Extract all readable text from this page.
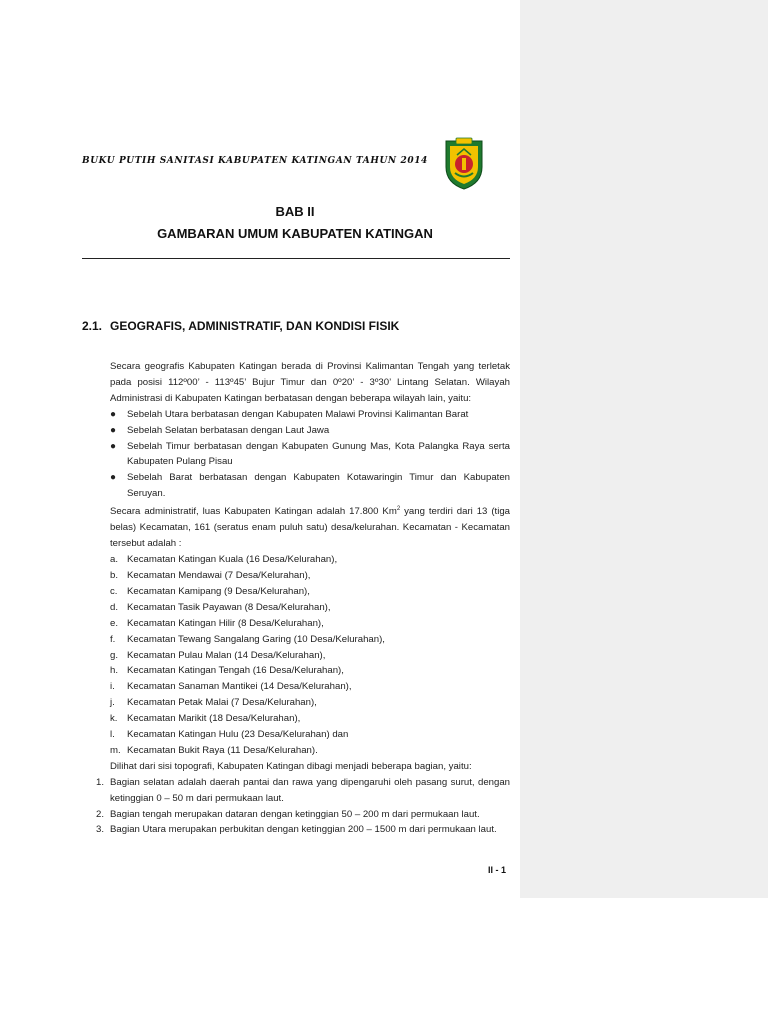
BUKU PUTIH SANITASI KABUPATEN KATINGAN TAHUN 2014
BAB II
GAMBARAN UMUM KABUPATEN KATINGAN
2.1. GEOGRAFIS, ADMINISTRATIF, DAN KONDISI FISIK

Secara geografis Kabupaten Katingan berada di Provinsi Kalimantan Tengah yang terletak pada posisi 112º00’ - 113º45’ Bujur Timur dan 0º20’ - 3º30’ Lintang Selatan. Wilayah Administrasi di Kabupaten Katingan berbatasan dengan beberapa wilayah lain, yaitu:

●	Sebelah Utara berbatasan dengan Kabupaten Malawi Provinsi Kalimantan Barat
●	Sebelah Selatan berbatasan dengan Laut Jawa
●	Sebelah Timur berbatasan dengan Kabupaten Gunung Mas, Kota Palangka Raya serta Kabupaten Pulang Pisau
●	Sebelah Barat berbatasan dengan Kabupaten Kotawaringin Timur dan Kabupaten Seruyan.

Secara administratif, luas Kabupaten Katingan adalah 17.800 Km$^2$ yang terdiri dari 13 (tiga belas) Kecamatan, 161 (seratus enam puluh satu) desa/kelurahan. Kecamatan - Kecamatan tersebut adalah :

a. Kecamatan Katingan Kuala (16 Desa/Kelurahan),
b. Kecamatan Mendawai (7 Desa/Kelurahan),
c. Kecamatan Kamipang (9 Desa/Kelurahan),
d. Kecamatan Tasik Payawan (8 Desa/Kelurahan),
e. Kecamatan Katingan Hilir (8 Desa/Kelurahan),
f.	Kecamatan Tewang Sangalang Garing (10 Desa/Kelurahan),
g. Kecamatan Pulau Malan (14 Desa/Kelurahan),
h. Kecamatan Katingan Tengah (16 Desa/Kelurahan),
i.	Kecamatan Sanaman Mantikei (14 Desa/Kelurahan),
j.	Kecamatan Petak Malai (7 Desa/Kelurahan),
k. Kecamatan Marikit (18 Desa/Kelurahan),
l.	Kecamatan Katingan Hulu (23 Desa/Kelurahan) dan
m. Kecamatan Bukit Raya (11 Desa/Kelurahan).

Dilihat dari sisi topografi, Kabupaten Katingan dibagi menjadi beberapa bagian, yaitu:

1. Bagian selatan adalah daerah pantai dan rawa yang dipengaruhi oleh pasang surut, dengan ketinggian 0 – 50 m dari permukaan laut.
2. Bagian tengah merupakan dataran dengan ketinggian 50 – 200 m dari permukaan laut.
3. Bagian Utara merupakan perbukitan dengan ketinggian 200 – 1500 m dari permukaan laut.
II - 1
